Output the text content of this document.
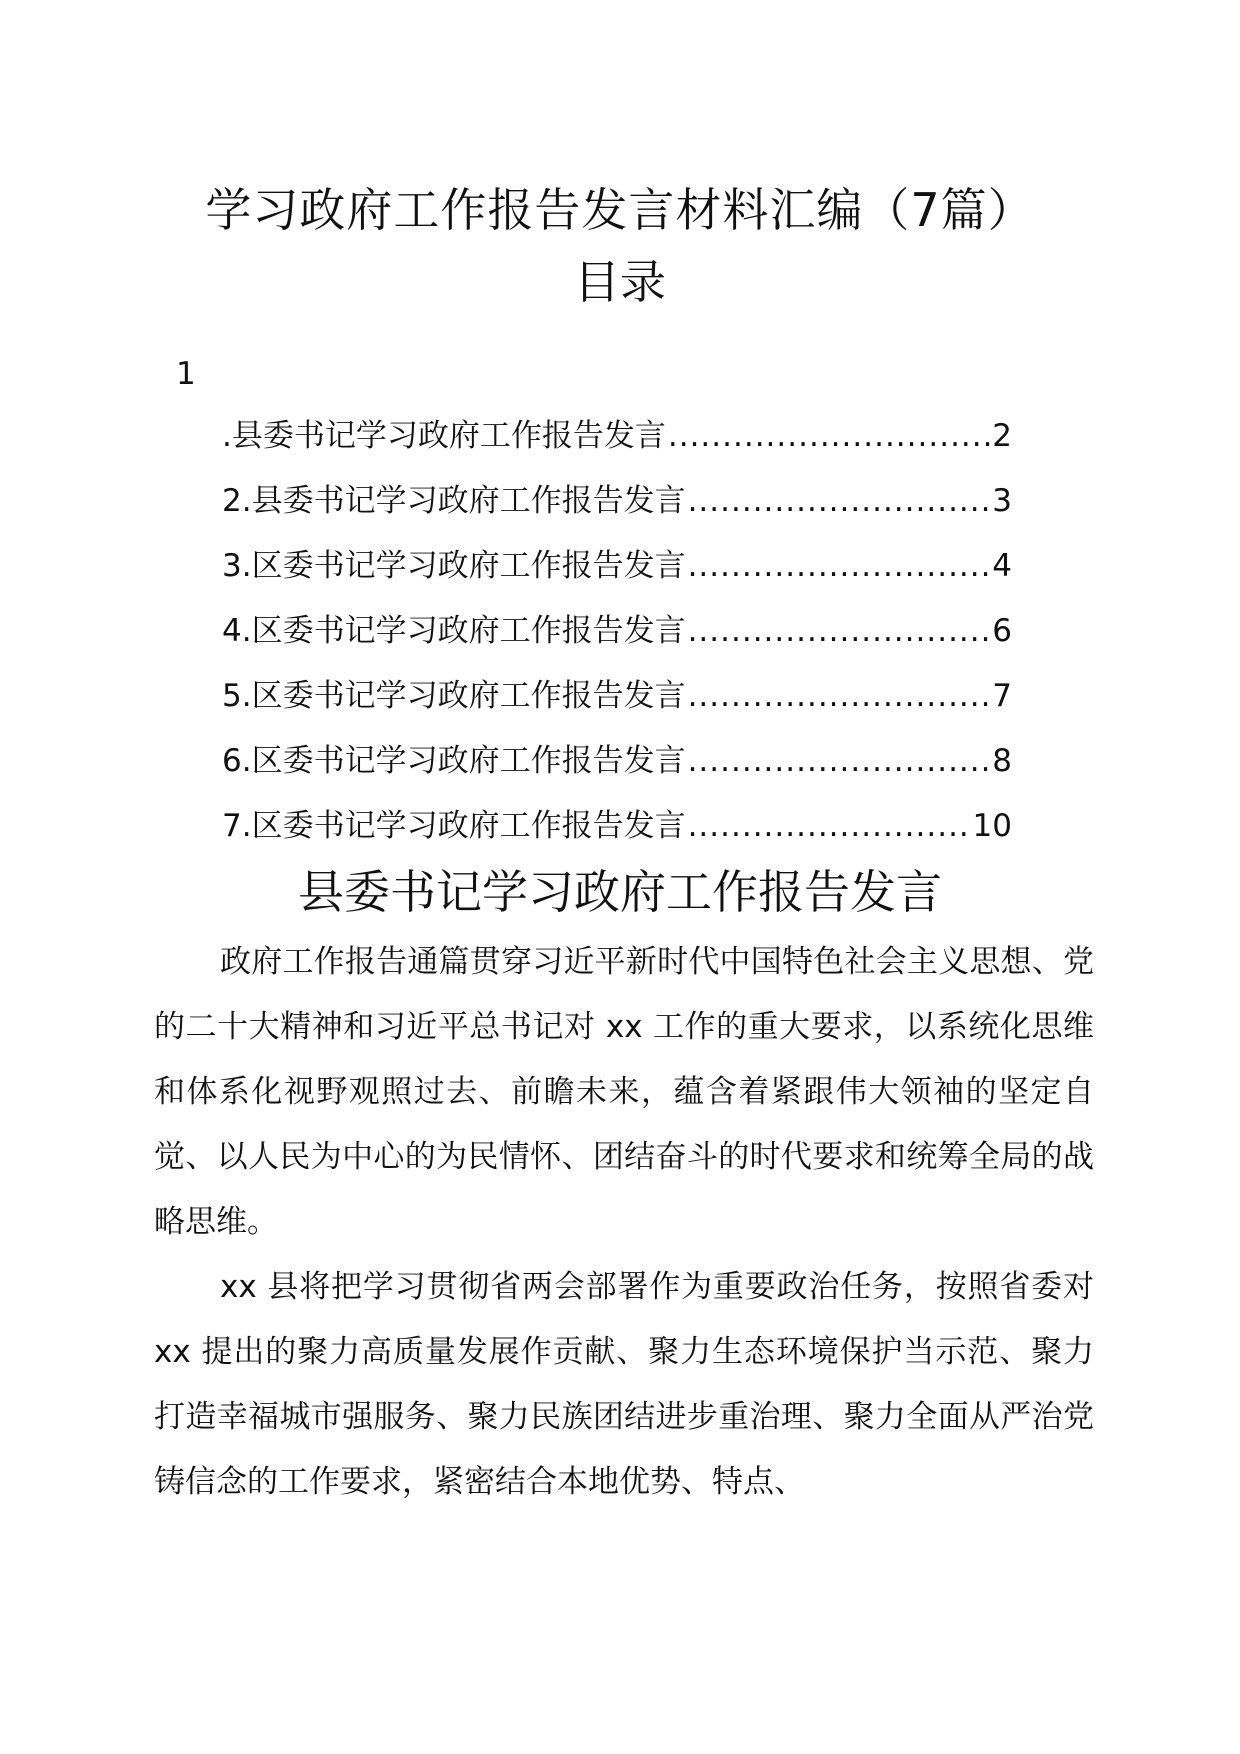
学习政府工作报告发言材料汇编（7篇）
目录
1
.县委书记学习政府工作报告发言 .....	2
2.县委书记学习政府工作报告发言 .....	3
3.区委书记学习政府工作报告发言 .....	4
4.区委书记学习政府工作报告发言 .....	6
5.区委书记学习政府工作报告发言 .....	7
6.区委书记学习政府工作报告发言 .....	8
7.区委书记学习政府工作报告发言 .....	10
县委书记学习政府工作报告发言

政府工作报告通篇贯穿习近平新时代中国特色社会主义思想、党的二十大精神和习近平总书记对 xx 工作的重大要求，以系统化思维和体系化视野观照过去、前瞻未来，蕴含着紧跟伟大领袖的坚定自觉、以人民为中心的为民情怀、团结奋斗的时代要求和统筹全局的战略思维。

xx 县将把学习贯彻省两会部署作为重要政治任务，按照省委对 xx 提出的聚力高质量发展作贡献、聚力生态环境保护当示范、聚力打造幸福城市强服务、聚力民族团结进步重治理、聚力全面从严治党铸信念的工作要求，紧密结合本地优势、特点、
